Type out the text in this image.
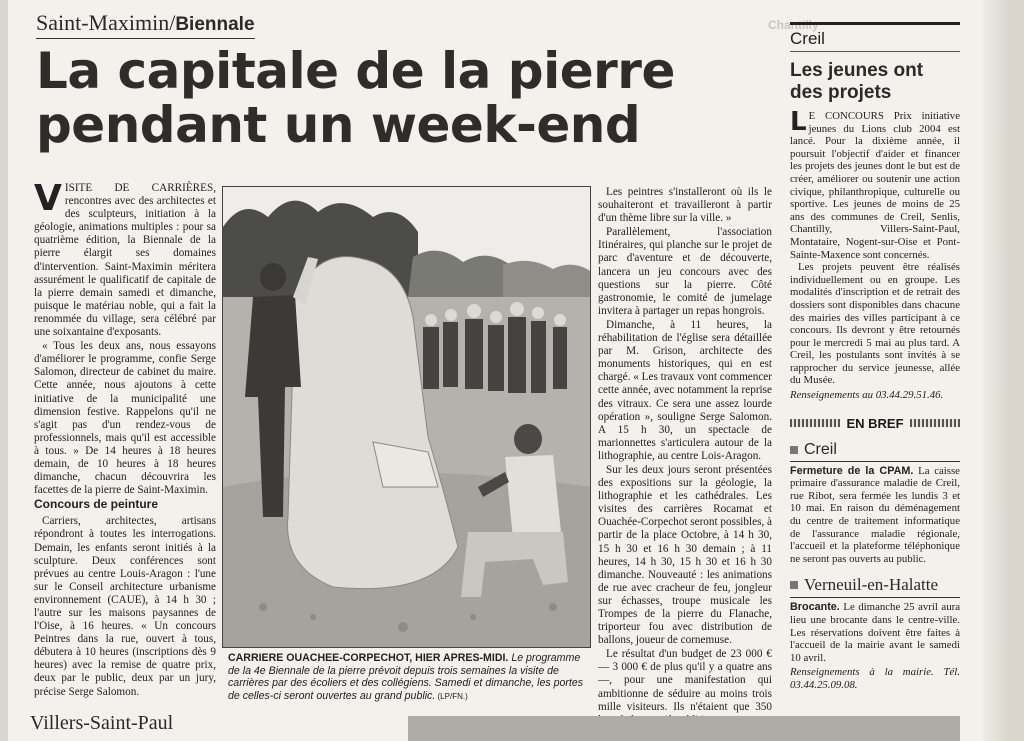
Chantilly
Saint-Maximin/Biennale
La capitale de la pierre pendant un week-end

VISITE DE CARRIÈRES, rencontres avec des architectes et des sculpteurs, initiation à la géologie, animations multiples : pour sa quatrième édition, la Biennale de la pierre élargit ses domaines d'intervention. Saint-Maximin méritera assurément le qualificatif de capitale de la pierre demain samedi et dimanche, puisque le matériau noble, qui a fait la renommée du village, sera célébré par une soixantaine d'exposants.

« Tous les deux ans, nous essayons d'améliorer le programme, confie Serge Salomon, directeur de cabinet du maire. Cette année, nous ajoutons à cette initiative de la municipalité une dimension festive. Rappelons qu'il ne s'agit pas d'un rendez-vous de professionnels, mais qu'il est accessible à tous. » De 14 heures à 18 heures demain, de 10 heures à 18 heures dimanche, chacun découvrira les facettes de la pierre de Saint-Maximin.

Concours de peinture

Carriers, architectes, artisans répondront à toutes les interrogations. Demain, les enfants seront initiés à la sculpture. Deux conférences sont prévues au centre Louis-Aragon : l'une sur le Conseil architecture urbanisme environnement (CAUE), à 14 h 30 ; l'autre sur les maisons paysannes de l'Oise, à 16 heures. « Un concours Peintres dans la rue, ouvert à tous, débutera à 10 heures (inscriptions dès 9 heures) avec la remise de quatre prix, deux par le public, deux par un jury, précise Serge Salomon.

CARRIERE OUACHEE-CORPECHOT, HIER APRES-MIDI. Le programme de la 4e Biennale de la pierre prévoit depuis trois semaines la visite de carrières par des écoliers et des collégiens. Samedi et dimanche, les portes de celles-ci seront ouvertes au grand public. (LP/FN.)

Les peintres s'installeront où ils le souhaiteront et travailleront à partir d'un thème libre sur la ville. »

Parallèlement, l'association Itinéraires, qui planche sur le projet de parc d'aventure et de découverte, lancera un jeu concours avec des questions sur la pierre. Côté gastronomie, le comité de jumelage invitera à partager un repas hongrois.

Dimanche, à 11 heures, la réhabilitation de l'église sera détaillée par M. Grison, architecte des monuments historiques, qui en est chargé. « Les travaux vont commencer cette année, avec notamment la reprise des vitraux. Ce sera une assez lourde opération », souligne Serge Salomon. A 15 h 30, un spectacle de marionnettes s'articulera autour de la lithographie, au centre Lois-Aragon.

Sur les deux jours seront présentées des expositions sur la géologie, la lithographie et les cathédrales. Les visites des carrières Rocamat et Ouachée-Corpechot seront possibles, à partir de la place Octobre, à 14 h 30, 15 h 30 et 16 h 30 demain ; à 11 heures, 14 h 30, 15 h 30 et 16 h 30 dimanche. Nouveauté : les animations de rue avec cracheur de feu, jongleur sur échasses, troupe musicale les Trompes de la pierre du Flanache, triporteur fou avec distribution de ballons, joueur de cornemuse.

Le résultat d'un budget de 23 000 € — 3 000 € de plus qu'il y a quatre ans —, pour une manifestation qui ambitionne de séduire au moins trois mille visiteurs. Ils n'étaient que 350

Creil
Les jeunes ont des projets

L E CONCOURS Prix initiative jeunes du Lions club 2004 est lancé. Pour la dixième année, il poursuit l'objectif d'aider et financer les projets des jeunes dont le but est de créer, améliorer ou soutenir une action civique, philanthropique, culturelle ou sportive. Les jeunes de moins de 25 ans des communes de Creil, Senlis, Chantilly, Villers-Saint-Paul, Montataire, Nogent-sur-Oise et Pont-Sainte-Maxence sont concernés.

Les projets peuvent être réalisés individuellement ou en groupe. Les modalités d'inscription et de retrait des dossiers sont disponibles dans chacune des mairies des villes participant à ce concours. Ils devront y être retournés pour le mercredi 5 mai au plus tard. A Creil, les postulants sont invités à se rapprocher du service jeunesse, allée du Musée.

Renseignements au 03.44.29.51.46.

EN BREF
Creil

Fermeture de la CPAM. La caisse primaire d'assurance maladie de Creil, rue Ribot, sera fermée les lundis 3 et 10 mai. En raison du déménagement du centre de traitement informatique de l'assurance maladie régionale, l'accueil et la plateforme téléphonique ne seront pas ouverts au public.

Verneuil-en-Halatte

Brocante. Le dimanche 25 avril aura lieu une brocante dans le centre-ville. Les réservations doivent être faites à l'accueil de la mairie avant le samedi 10 avril.

Renseignements à la mairie. Tél. 03.44.25.09.08.

Villers-Saint-Paul
